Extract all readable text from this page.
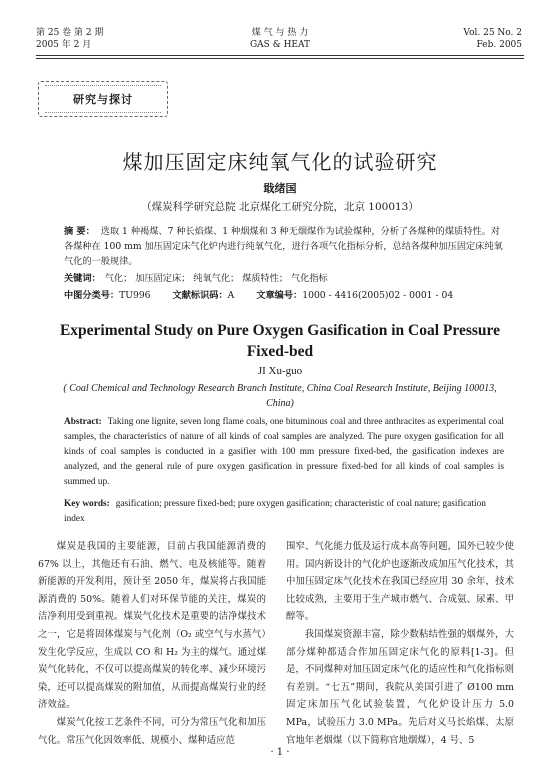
第 25 卷 第 2 期
2005 年 2 月
煤 气 与 热 力
GAS & HEAT
Vol. 25 No. 2
Feb. 2005
研究与探讨
煤加压固定床纯氧气化的试验研究
戢绪国
（煤炭科学研究总院 北京煤化工研究分院，北京 100013）
摘 要： 选取 1 种褐煤、7 种长焰煤、1 种烟煤和 3 种无烟煤作为试验煤种，分析了各煤种的煤质特性。对各煤种在 100 mm 加压固定床气化炉内进行纯氧气化，进行各项气化指标分析，总结各煤种加压固定床纯氧气化的一般规律。
关键词： 气化； 加压固定床； 纯氧气化； 煤质特性； 气化指标
中图分类号：TU996 文献标识码：A 文章编号：1000 - 4416(2005)02 - 0001 - 04
Experimental Study on Pure Oxygen Gasification in Coal Pressure Fixed-bed
JI Xu-guo
( Coal Chemical and Technology Research Branch Institute, China Coal Research Institute, Beijing 100013, China)
Abstract: Taking one lignite, seven long flame coals, one bituminous coal and three anthracites as experimental coal samples, the characteristics of nature of all kinds of coal samples are analyzed. The pure oxygen gasification for all kinds of coal samples is conducted in a gasifier with 100 mm pressure fixed-bed, the gasification indexes are analyzed, and the general rule of pure oxygen gasification in pressure fixed-bed for all kinds of coal samples is summed up.
Key words: gasification; pressure fixed-bed; pure oxygen gasification; characteristic of coal nature; gasification index

煤炭是我国的主要能源，目前占我国能源消费的 67% 以上，其他还有石油、燃气、电及核能等。随着新能源的开发利用，预计至 2050 年，煤炭将占我国能源消费的 50%。随着人们对环保节能的关注，煤炭的洁净利用受到重视。煤炭气化技术是重要的洁净煤技术之一，它是将固体煤炭与气化剂（O₂ 或空气与水蒸气）发生化学反应，生成以 CO 和 H₂ 为主的煤气。通过煤炭气化转化，不仅可以提高煤炭的转化率、减少环境污染，还可以提高煤炭的附加值，从而提高煤炭行业的经济效益。

煤炭气化按工艺条件不同，可分为常压气化和加压气化。常压气化因效率低、规模小、煤种适应范

围窄、气化能力低及运行成本高等问题，国外已较少使用。国内新设计的气化炉也逐渐改成加压气化技术，其中加压固定床气化技术在我国已经应用 30 余年，技术比较成熟，主要用于生产城市燃气、合成氨、尿素、甲醇等。

我国煤炭资源丰富，除少数粘结性强的烟煤外，大部分煤种都适合作加压固定床气化的原料[1-3]。但是，不同煤种对加压固定床气化的适应性和气化指标则有差别。“七五”期间，我院从美国引进了 Ø100 mm 固定床加压气化试验装置，气化炉设计压力 5.0 MPa，试验压力 3.0 MPa。先后对义马长焰煤、太原官地年老烟煤（以下简称官地烟煤），4 号、5

· 1 ·
